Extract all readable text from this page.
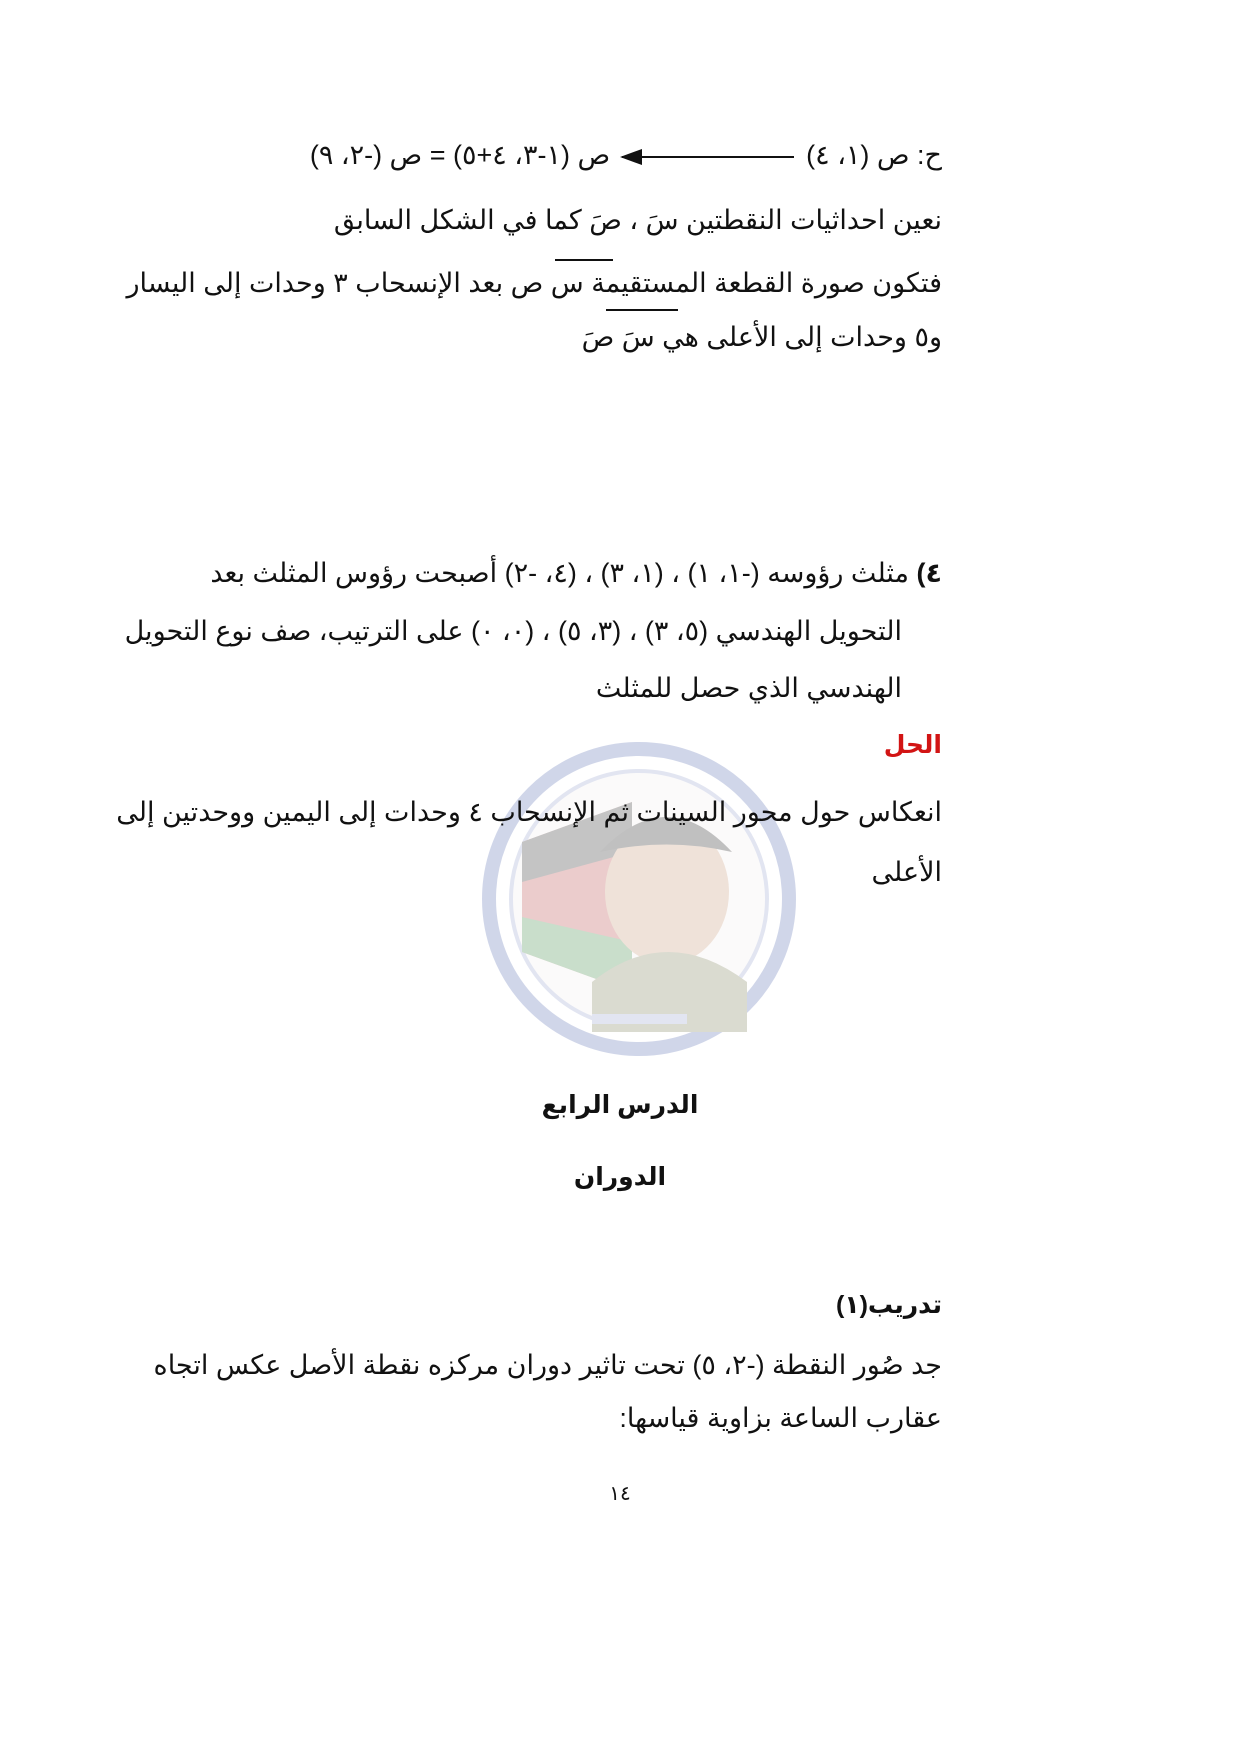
ح: ص (١، ٤)ص (١-٣، ٤+٥) = ص (-٢، ٩)
نعين احداثيات النقطتين سَ ، صَ كما في الشكل السابق
فتكون صورة القطعة المستقيمة س ص بعد الإنسحاب ٣ وحدات إلى اليسار
و٥ وحدات إلى الأعلى هي سَ صَ
٤) مثلث رؤوسه (-١، ١) ، (١، ٣) ، (٤، -٢) أصبحت رؤوس المثلث بعد
التحويل الهندسي (٥، ٣) ، (٣، ٥) ، (٠، ٠) على الترتيب، صف نوع التحويل
الهندسي الذي حصل للمثلث
الحل
انعكاس حول محور السينات ثم الإنسحاب ٤ وحدات إلى اليمين ووحدتين إلى
الأعلى
الدرس الرابع
الدوران
تدريب(١)
جد صُور النقطة (-٢، ٥) تحت تاثير دوران مركزه نقطة الأصل عكس اتجاه
عقارب الساعة بزاوية قياسها:
١٤
